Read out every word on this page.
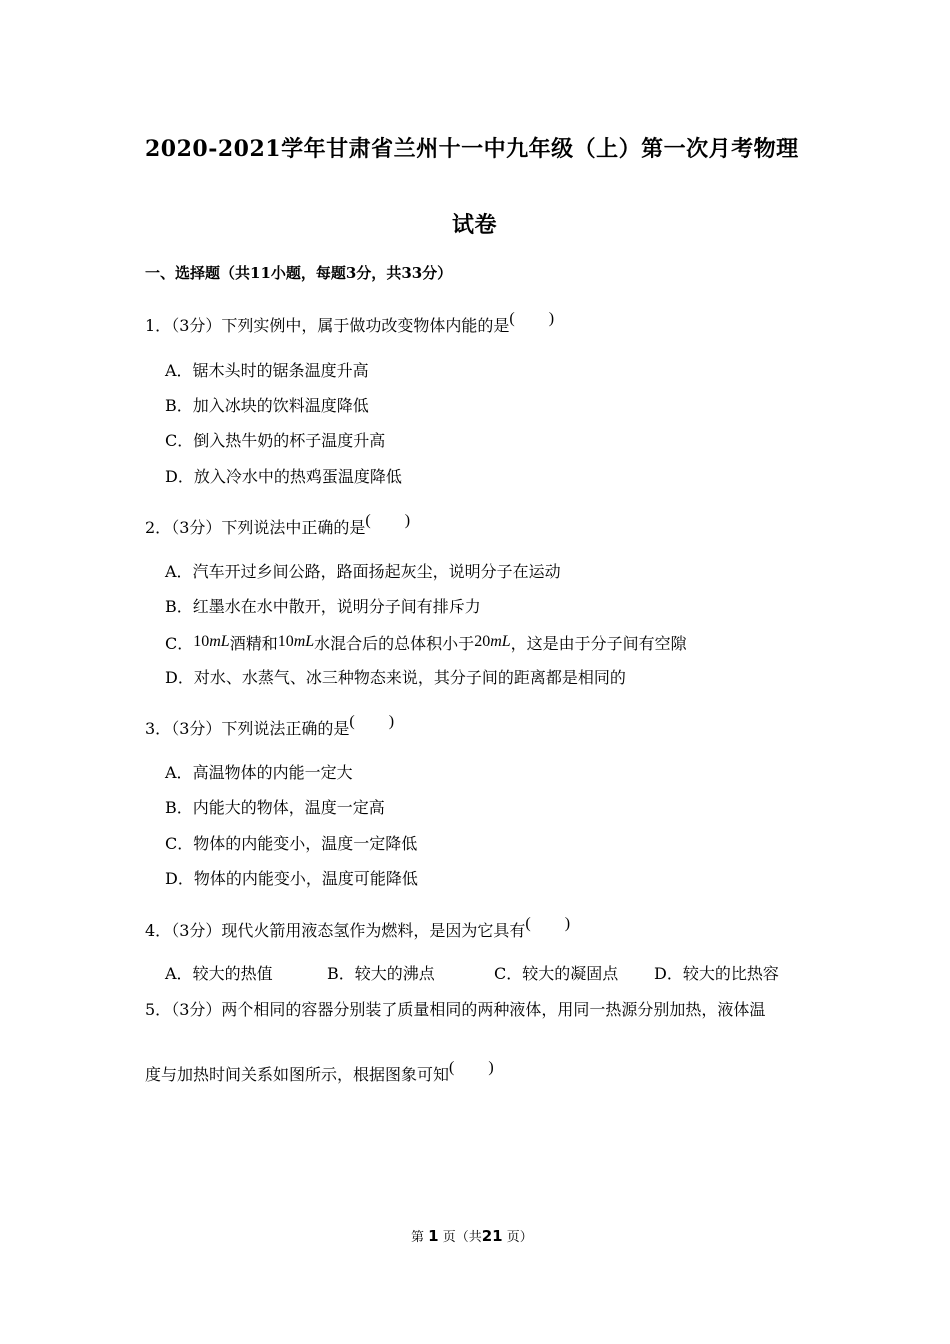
2020-2021学年甘肃省兰州十一中九年级（上）第一次月考物理
试卷
一、选择题（共11小题，每题3分，共33分）
1．（3分）下列实例中，属于做功改变物体内能的是( )
A．锯木头时的锯条温度升高
B．加入冰块的饮料温度降低
C．倒入热牛奶的杯子温度升高
D．放入冷水中的热鸡蛋温度降低
2．（3分）下列说法中正确的是( )
A．汽车开过乡间公路，路面扬起灰尘，说明分子在运动
B．红墨水在水中散开，说明分子间有排斥力
C．10mL酒精和10mL水混合后的总体积小于20mL，这是由于分子间有空隙
D．对水、水蒸气、冰三种物态来说，其分子间的距离都是相同的
3．（3分）下列说法正确的是( )
A．高温物体的内能一定大
B．内能大的物体，温度一定高
C．物体的内能变小，温度一定降低
D．物体的内能变小，温度可能降低
4．（3分）现代火箭用液态氢作为燃料，是因为它具有( )
A．较大的热值	B．较大的沸点	C．较大的凝固点 D．较大的比热容
5．（3分）两个相同的容器分别装了质量相同的两种液体，用同一热源分别加热，液体温
度与加热时间关系如图所示，根据图象可知( )
第 1 页（共21 页）
